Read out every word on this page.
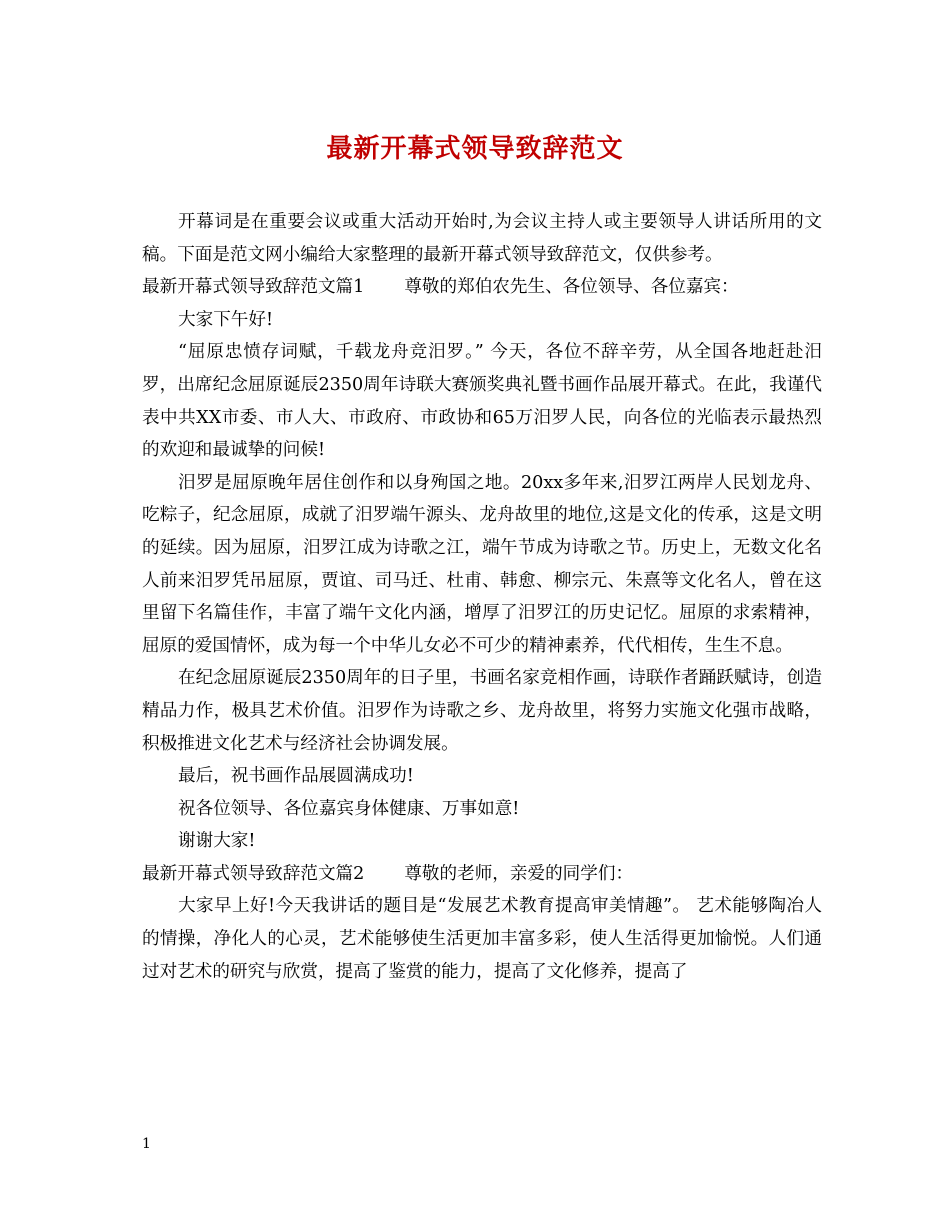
最新开幕式领导致辞范文

开幕词是在重要会议或重大活动开始时,为会议主持人或主要领导人讲话所用的文稿。下面是范文网小编给大家整理的最新开幕式领导致辞范文，仅供参考。

最新开幕式领导致辞范文篇1 尊敬的郑伯农先生、各位领导、各位嘉宾：

大家下午好!

“屈原忠愤存词赋，千载龙舟竞汨罗。” 今天，各位不辞辛劳，从全国各地赶赴汨罗，出席纪念屈原诞辰2350周年诗联大赛颁奖典礼暨书画作品展开幕式。在此，我谨代表中共XX市委、市人大、市政府、市政协和65万汨罗人民，向各位的光临表示最热烈的欢迎和最诚挚的问候!

汨罗是屈原晚年居住创作和以身殉国之地。20xx多年来,汨罗江两岸人民划龙舟、吃粽子，纪念屈原，成就了汨罗端午源头、龙舟故里的地位,这是文化的传承，这是文明的延续。因为屈原，汨罗江成为诗歌之江，端午节成为诗歌之节。历史上，无数文化名人前来汨罗凭吊屈原，贾谊、司马迁、杜甫、韩愈、柳宗元、朱熹等文化名人，曾在这里留下名篇佳作，丰富了端午文化内涵，增厚了汨罗江的历史记忆。屈原的求索精神，屈原的爱国情怀，成为每一个中华儿女必不可少的精神素养，代代相传，生生不息。

在纪念屈原诞辰2350周年的日子里，书画名家竞相作画，诗联作者踊跃赋诗，创造精品力作，极具艺术价值。汨罗作为诗歌之乡、龙舟故里，将努力实施文化强市战略，积极推进文化艺术与经济社会协调发展。

最后，祝书画作品展圆满成功!

祝各位领导、各位嘉宾身体健康、万事如意!

谢谢大家!

最新开幕式领导致辞范文篇2 尊敬的老师，亲爱的同学们：

大家早上好!今天我讲话的题目是“发展艺术教育提高审美情趣”。 艺术能够陶冶人的情操，净化人的心灵，艺术能够使生活更加丰富多彩，使人生活得更加愉悦。人们通过对艺术的研究与欣赏，提高了鉴赏的能力，提高了文化修养，提高了

1
